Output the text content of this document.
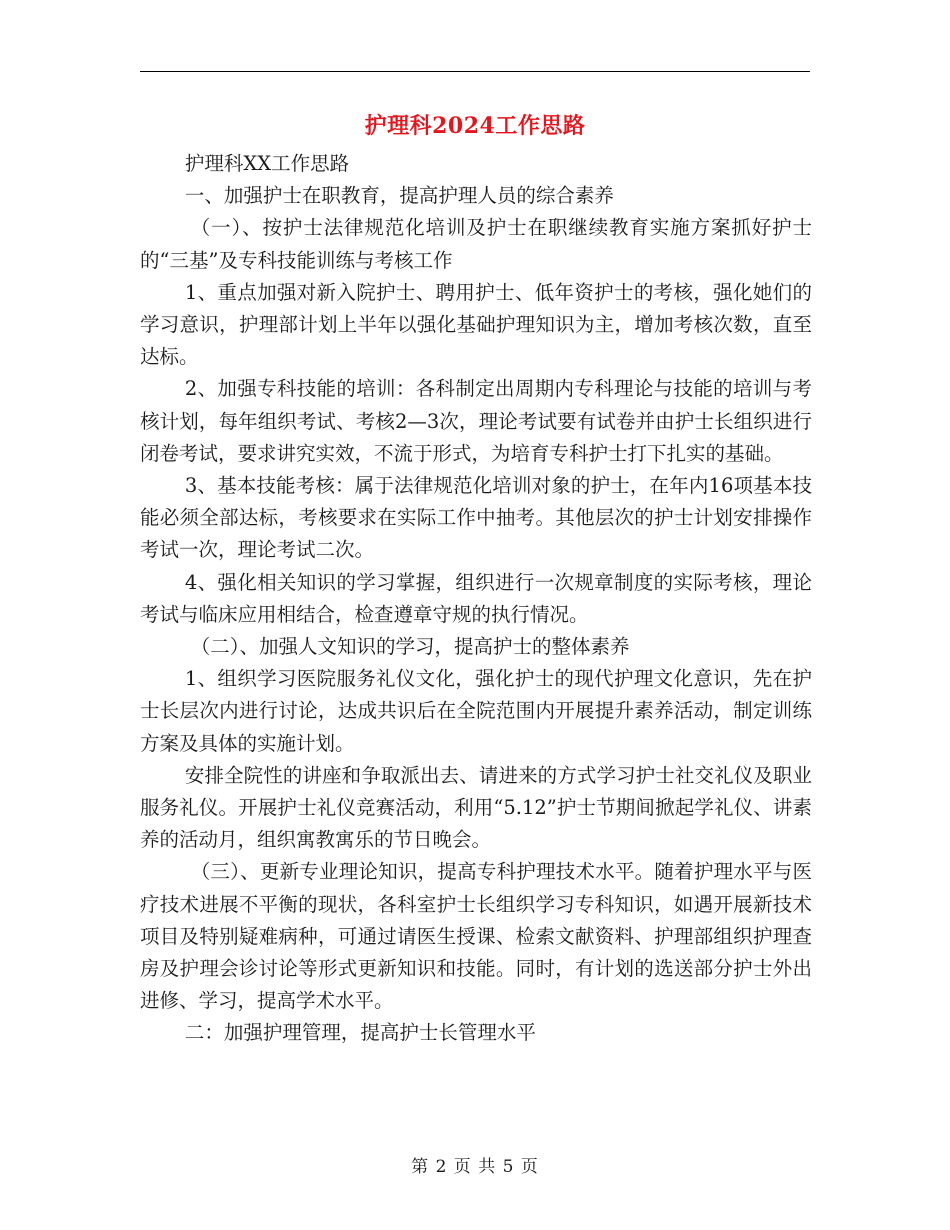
护理科2024工作思路

护理科XX工作思路

一、加强护士在职教育，提高护理人员的综合素养

（一）、按护士法律规范化培训及护士在职继续教育实施方案抓好护士的“三基”及专科技能训练与考核工作

1、重点加强对新入院护士、聘用护士、低年资护士的考核，强化她们的学习意识，护理部计划上半年以强化基础护理知识为主，增加考核次数，直至达标。

2、加强专科技能的培训：各科制定出周期内专科理论与技能的培训与考核计划，每年组织考试、考核2—3次，理论考试要有试卷并由护士长组织进行闭卷考试，要求讲究实效，不流于形式，为培育专科护士打下扎实的基础。

3、基本技能考核：属于法律规范化培训对象的护士，在年内16项基本技能必须全部达标，考核要求在实际工作中抽考。其他层次的护士计划安排操作考试一次，理论考试二次。

4、强化相关知识的学习掌握，组织进行一次规章制度的实际考核，理论考试与临床应用相结合，检查遵章守规的执行情况。

（二）、加强人文知识的学习，提高护士的整体素养

1、组织学习医院服务礼仪文化，强化护士的现代护理文化意识，先在护士长层次内进行讨论，达成共识后在全院范围内开展提升素养活动，制定训练方案及具体的实施计划。

安排全院性的讲座和争取派出去、请进来的方式学习护士社交礼仪及职业服务礼仪。开展护士礼仪竞赛活动，利用“5.12”护士节期间掀起学礼仪、讲素养的活动月，组织寓教寓乐的节日晚会。

（三）、更新专业理论知识，提高专科护理技术水平。随着护理水平与医疗技术进展不平衡的现状，各科室护士长组织学习专科知识，如遇开展新技术项目及特别疑难病种，可通过请医生授课、检索文献资料、护理部组织护理查房及护理会诊讨论等形式更新知识和技能。同时，有计划的选送部分护士外出进修、学习，提高学术水平。

二：加强护理管理，提高护士长管理水平

第 2 页 共 5 页
